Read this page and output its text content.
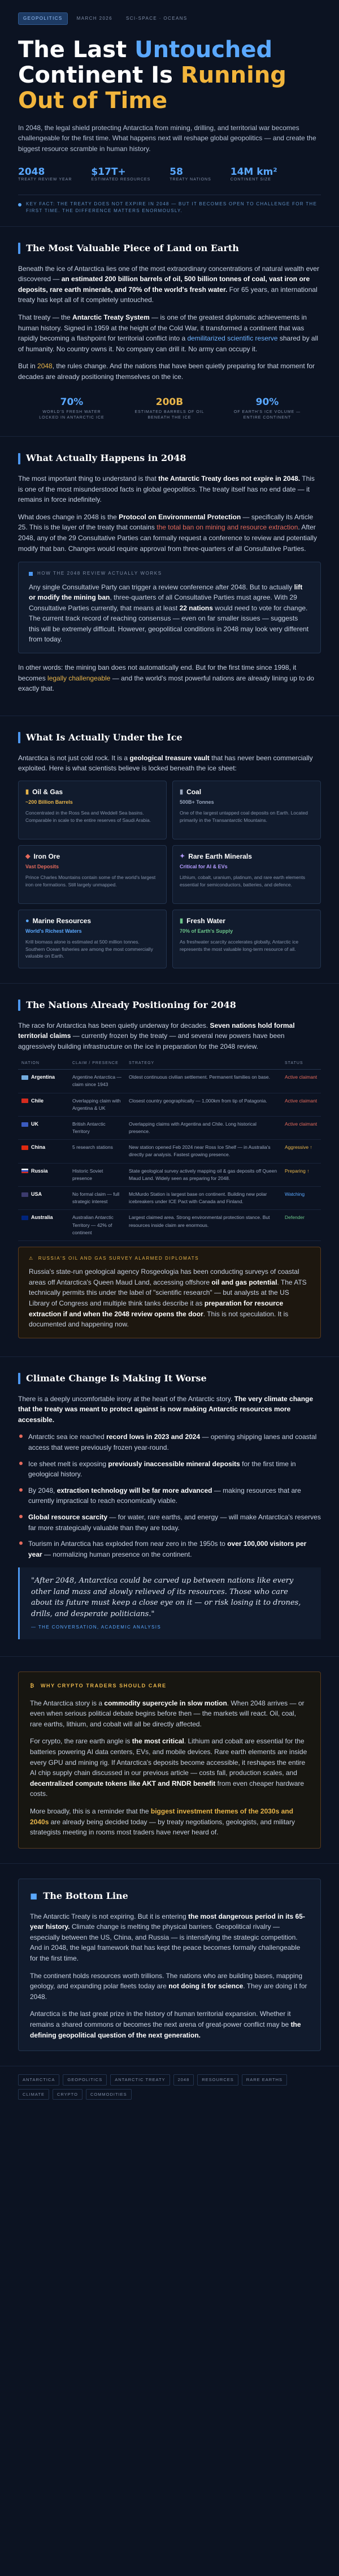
GEOPOLITICS	MARCH 2026	SCI-SPACE · OCEANS
The Last Untouched Continent Is Running Out of Time

In 2048, the legal shield protecting Antarctica from mining, drilling, and territorial war becomes challengeable for the first time. What happens next will reshape global geopolitics — and create the biggest resource scramble in human history.

2048
TREATY REVIEW YEAR
$17T+
ESTIMATED RESOURCES
58
TREATY NATIONS
14M km²
CONTINENT SIZE
KEY FACT: THE TREATY DOES NOT EXPIRE IN 2048 — BUT IT BECOMES OPEN TO CHALLENGE FOR THE FIRST TIME. THE DIFFERENCE MATTERS ENORMOUSLY.
The Most Valuable Piece of Land on Earth

Beneath the ice of Antarctica lies one of the most extraordinary concentrations of natural wealth ever discovered — an estimated 200 billion barrels of oil, 500 billion tonnes of coal, vast iron ore deposits, rare earth minerals, and 70% of the world's fresh water. For 65 years, an international treaty has kept all of it completely untouched.

That treaty — the Antarctic Treaty System — is one of the greatest diplomatic achievements in human history. Signed in 1959 at the height of the Cold War, it transformed a continent that was rapidly becoming a flashpoint for territorial conflict into a demilitarized scientific reserve shared by all of humanity. No country owns it. No company can drill it. No army can occupy it.

But in 2048, the rules change. And the nations that have been quietly preparing for that moment for decades are already positioning themselves on the ice.

70%
WORLD'S FRESH WATER LOCKED IN ANTARCTIC ICE
200B
ESTIMATED BARRELS OF OIL BENEATH THE ICE
90%
OF EARTH'S ICE VOLUME — ENTIRE CONTINENT
What Actually Happens in 2048

The most important thing to understand is that the Antarctic Treaty does not expire in 2048. This is one of the most misunderstood facts in global geopolitics. The treaty itself has no end date — it remains in force indefinitely.

What does change in 2048 is the Protocol on Environmental Protection — specifically its Article 25. This is the layer of the treaty that contains the total ban on mining and resource extraction. After 2048, any of the 29 Consultative Parties can formally request a conference to review and potentially modify that ban. Changes would require approval from three-quarters of all Consultative Parties.

HOW THE 2048 REVIEW ACTUALLY WORKS

Any single Consultative Party can trigger a review conference after 2048. But to actually lift or modify the mining ban, three-quarters of all Consultative Parties must agree. With 29 Consultative Parties currently, that means at least 22 nations would need to vote for change. The current track record of reaching consensus — even on far smaller issues — suggests this will be extremely difficult. However, geopolitical conditions in 2048 may look very different from today.

In other words: the mining ban does not automatically end. But for the first time since 1998, it becomes legally challengeable — and the world's most powerful nations are already lining up to do exactly that.

What Is Actually Under the Ice

Antarctica is not just cold rock. It is a geological treasure vault that has never been commercially exploited. Here is what scientists believe is locked beneath the ice sheet:

▮ Oil & Gas
~200 Billion Barrels
Concentrated in the Ross Sea and Weddell Sea basins. Comparable in scale to the entire reserves of Saudi Arabia.
▮ Coal
500B+ Tonnes
One of the largest untapped coal deposits on Earth. Located primarily in the Transantarctic Mountains.
◆ Iron Ore
Vast Deposits
Prince Charles Mountains contain some of the world's largest iron ore formations. Still largely unmapped.
✦ Rare Earth Minerals
Critical for AI & EVs
Lithium, cobalt, uranium, platinum, and rare earth elements essential for semiconductors, batteries, and defence.
● Marine Resources
World's Richest Waters
Krill biomass alone is estimated at 500 million tonnes. Southern Ocean fisheries are among the most commercially valuable on Earth.
▮ Fresh Water
70% of Earth's Supply
As freshwater scarcity accelerates globally, Antarctic ice represents the most valuable long-term resource of all.
The Nations Already Positioning for 2048

The race for Antarctica has been quietly underway for decades. Seven nations hold formal territorial claims — currently frozen by the treaty — and several new powers have been aggressively building infrastructure on the ice in preparation for the 2048 review.

NATION	CLAIM / PRESENCE	STRATEGY	STATUS
Argentina	Argentine Antarctica — claim since 1943	Oldest continuous civilian settlement. Permanent families on base.	Active claimant
Chile	Overlapping claim with Argentina & UK	Closest country geographically — 1,000km from tip of Patagonia.	Active claimant
UK	British Antarctic Territory	Overlapping claims with Argentina and Chile. Long historical presence.	Active claimant
China	5 research stations	New station opened Feb 2024 near Ross Ice Shelf — in Australia's directly par analysis. Fastest growing presence.	Aggressive ↑
Russia	Historic Soviet presence	State geological survey actively mapping oil & gas deposits off Queen Maud Land. Widely seen as preparing for 2048.	Preparing ↑
USA	No formal claim — full strategic interest	McMurdo Station is largest base on continent. Building new polar icebreakers under ICE Pact with Canada and Finland.	Watching
Australia	Australian Antarctic Territory — 42% of continent	Largest claimed area. Strong environmental protection stance. But resources inside claim are enormous.	Defender
⚠ RUSSIA'S OIL AND GAS SURVEY ALARMED DIPLOMATS

Russia's state-run geological agency Rosgeologia has been conducting surveys of coastal areas off Antarctica's Queen Maud Land, accessing offshore oil and gas potential. The ATS technically permits this under the label of "scientific research" — but analysts at the US Library of Congress and multiple think tanks describe it as preparation for resource extraction if and when the 2048 review opens the door. This is not speculation. It is documented and happening now.

Climate Change Is Making It Worse

There is a deeply uncomfortable irony at the heart of the Antarctic story. The very climate change that the treaty was meant to protect against is now making Antarctic resources more accessible.

Antarctic sea ice reached record lows in 2023 and 2024 — opening shipping lanes and coastal access that were previously frozen year-round.
Ice sheet melt is exposing previously inaccessible mineral deposits for the first time in geological history.
By 2048, extraction technology will be far more advanced — making resources that are currently impractical to reach economically viable.
Global resource scarcity — for water, rare earths, and energy — will make Antarctica's reserves far more strategically valuable than they are today.
Tourism in Antarctica has exploded from near zero in the 1950s to over 100,000 visitors per year — normalizing human presence on the continent.
"After 2048, Antarctica could be carved up between nations like every other land mass and slowly relieved of its resources. Those who care about its future must keep a close eye on it — or risk losing it to drones, drills, and desperate politicians."
— THE CONVERSATION, ACADEMIC ANALYSIS
₿ WHY CRYPTO TRADERS SHOULD CARE

The Antarctica story is a commodity supercycle in slow motion. When 2048 arrives — or even when serious political debate begins before then — the markets will react. Oil, coal, rare earths, lithium, and cobalt will all be directly affected.

For crypto, the rare earth angle is the most critical. Lithium and cobalt are essential for the batteries powering AI data centers, EVs, and mobile devices. Rare earth elements are inside every GPU and mining rig. If Antarctica's deposits become accessible, it reshapes the entire AI chip supply chain discussed in our previous article — costs fall, production scales, and decentralized compute tokens like AKT and RNDR benefit from even cheaper hardware costs.

More broadly, this is a reminder that the biggest investment themes of the 2030s and 2040s are already being decided today — by treaty negotiations, geologists, and military strategists meeting in rooms most traders have never heard of.

◼ The Bottom Line

The Antarctic Treaty is not expiring. But it is entering the most dangerous period in its 65-year history. Climate change is melting the physical barriers. Geopolitical rivalry — especially between the US, China, and Russia — is intensifying the strategic competition. And in 2048, the legal framework that has kept the peace becomes formally challengeable for the first time.

The continent holds resources worth trillions. The nations who are building bases, mapping geology, and expanding polar fleets today are not doing it for science. They are doing it for 2048.

Antarctica is the last great prize in the history of human territorial expansion. Whether it remains a shared commons or becomes the next arena of great-power conflict may be the defining geopolitical question of the next generation.

ANTARCTICA	GEOPOLITICS	ANTARCTIC TREATY	2048	RESOURCES	RARE EARTHS
CLIMATE	CRYPTO	COMMODITIES
